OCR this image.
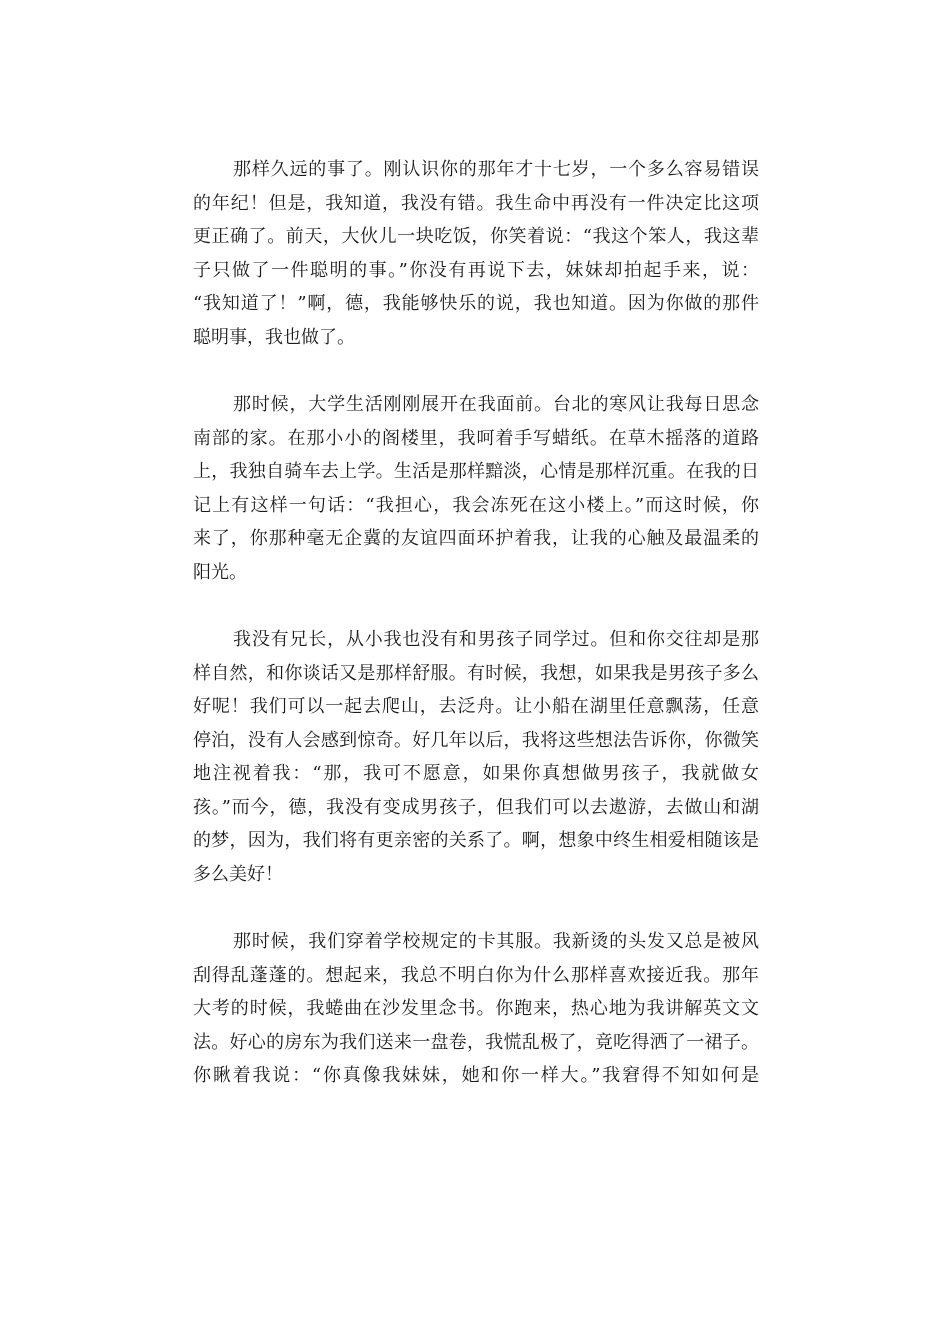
那样久远的事了。刚认识你的那年才十七岁，一个多么容易错误
的年纪！但是，我知道，我没有错。我生命中再没有一件决定比这项
更正确了。前天，大伙儿一块吃饭，你笑着说：“我这个笨人，我这辈
子只做了一件聪明的事。”你没有再说下去，妹妹却拍起手来，说：
“我知道了！”啊，德，我能够快乐的说，我也知道。因为你做的那件
聪明事，我也做了。
那时候，大学生活刚刚展开在我面前。台北的寒风让我每日思念
南部的家。在那小小的阁楼里，我呵着手写蜡纸。在草木摇落的道路
上，我独自骑车去上学。生活是那样黯淡，心情是那样沉重。在我的日
记上有这样一句话：“我担心，我会冻死在这小楼上。”而这时候，你
来了，你那种毫无企冀的友谊四面环护着我，让我的心触及最温柔的
阳光。
我没有兄长，从小我也没有和男孩子同学过。但和你交往却是那
样自然，和你谈话又是那样舒服。有时候，我想，如果我是男孩子多么
好呢！我们可以一起去爬山，去泛舟。让小船在湖里任意飘荡，任意
停泊，没有人会感到惊奇。好几年以后，我将这些想法告诉你，你微笑
地注视着我：“那，我可不愿意，如果你真想做男孩子，我就做女
孩。”而今，德，我没有变成男孩子，但我们可以去遨游，去做山和湖
的梦，因为，我们将有更亲密的关系了。啊，想象中终生相爱相随该是
多么美好！
那时候，我们穿着学校规定的卡其服。我新烫的头发又总是被风
刮得乱蓬蓬的。想起来，我总不明白你为什么那样喜欢接近我。那年
大考的时候，我蜷曲在沙发里念书。你跑来，热心地为我讲解英文文
法。好心的房东为我们送来一盘卷，我慌乱极了，竟吃得洒了一裙子。
你瞅着我说：“你真像我妹妹，她和你一样大。”我窘得不知如何是
